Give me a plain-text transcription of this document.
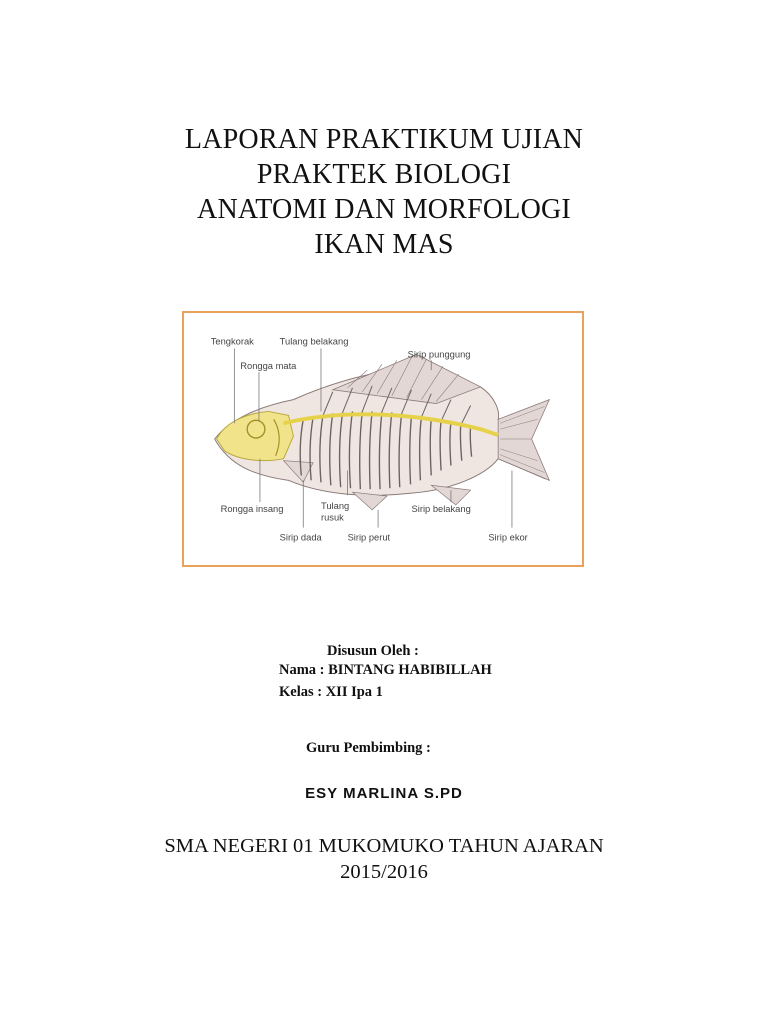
LAPORAN PRAKTIKUM UJIAN
PRAKTEK BIOLOGI
ANATOMI DAN MORFOLOGI
IKAN MAS
Tengkorak	Tulang belakang
Rongga mata
Sirip punggung
Rongga insang	Tulang
rusuk
Sirip belakang
Sirip dada	Sirip perut	Sirip ekor
Disusun Oleh :
Nama : BINTANG HABIBILLAH
Kelas : XII Ipa 1
Guru Pembimbing :
ESY MARLINA S.PD
SMA NEGERI 01 MUKOMUKO TAHUN AJARAN
2015/2016
